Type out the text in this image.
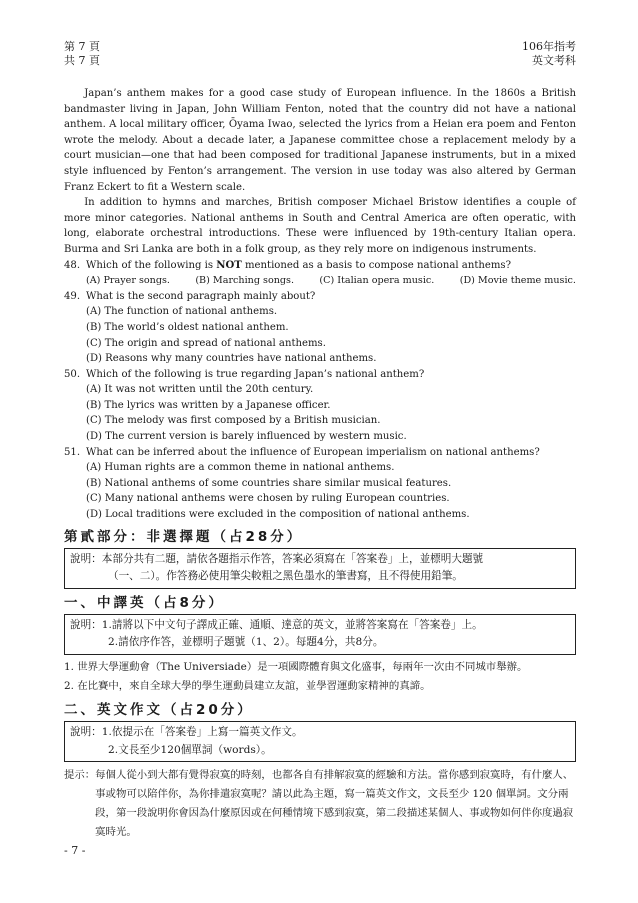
第 7 頁
共 7 頁
106年指考
英文考科

Japan’s anthem makes for a good case study of European influence. In the 1860s a British bandmaster living in Japan, John William Fenton, noted that the country did not have a national anthem. A local military officer, Ōyama Iwao, selected the lyrics from a Heian era poem and Fenton wrote the melody. About a decade later, a Japanese committee chose a replacement melody by a court musician—one that had been composed for traditional Japanese instruments, but in a mixed style influenced by Fenton’s arrangement. The version in use today was also altered by German Franz Eckert to fit a Western scale.

In addition to hymns and marches, British composer Michael Bristow identifies a couple of more minor categories. National anthems in South and Central America are often operatic, with long, elaborate orchestral introductions. These were influenced by 19th-century Italian opera. Burma and Sri Lanka are both in a folk group, as they rely more on indigenous instruments.

48. Which of the following is NOT mentioned as a basis to compose national anthems?
(A) Prayer songs.	(B) Marching songs.	(C) Italian opera music.	(D) Movie theme music.
49. What is the second paragraph mainly about?
(A) The function of national anthems.
(B) The world’s oldest national anthem.
(C) The origin and spread of national anthems.
(D) Reasons why many countries have national anthems.
50. Which of the following is true regarding Japan’s national anthem?
(A) It was not written until the 20th century.
(B) The lyrics was written by a Japanese officer.
(C) The melody was first composed by a British musician.
(D) The current version is barely influenced by western music.
51. What can be inferred about the influence of European imperialism on national anthems?
(A) Human rights are a common theme in national anthems.
(B) National anthems of some countries share similar musical features.
(C) Many national anthems were chosen by ruling European countries.
(D) Local traditions were excluded in the composition of national anthems.
第貳部分：非選擇題（占28分）
說明： 本部分共有二題，請依各題指示作答，答案必須寫在「答案卷」上，並標明大題號
（一、二）。作答務必使用筆尖較粗之黑色墨水的筆書寫，且不得使用鉛筆。
一、中譯英（占8分）
說明： 1.請將以下中文句子譯成正確、通順、達意的英文，並將答案寫在「答案卷」上。
2.請依序作答，並標明子題號（1、2）。每題4分，共8分。
1. 世界大學運動會（The Universiade）是一項國際體育與文化盛事，每兩年一次由不同城市舉辦。
2. 在比賽中，來自全球大學的學生運動員建立友誼，並學習運動家精神的真諦。
二、英文作文（占20分）
說明： 1.依提示在「答案卷」上寫一篇英文作文。
2.文長至少120個單詞（words）。
提示： 每個人從小到大都有覺得寂寞的時刻，也都各自有排解寂寞的經驗和方法。當你感到寂寞時，有什麼人、事或物可以陪伴你，為你排遣寂寞呢？請以此為主題，寫一篇英文作文，文長至少 120 個單詞。文分兩段，第一段說明你會因為什麼原因或在何種情境下感到寂寞，第二段描述某個人、事或物如何伴你度過寂寞時光。
- 7 -
